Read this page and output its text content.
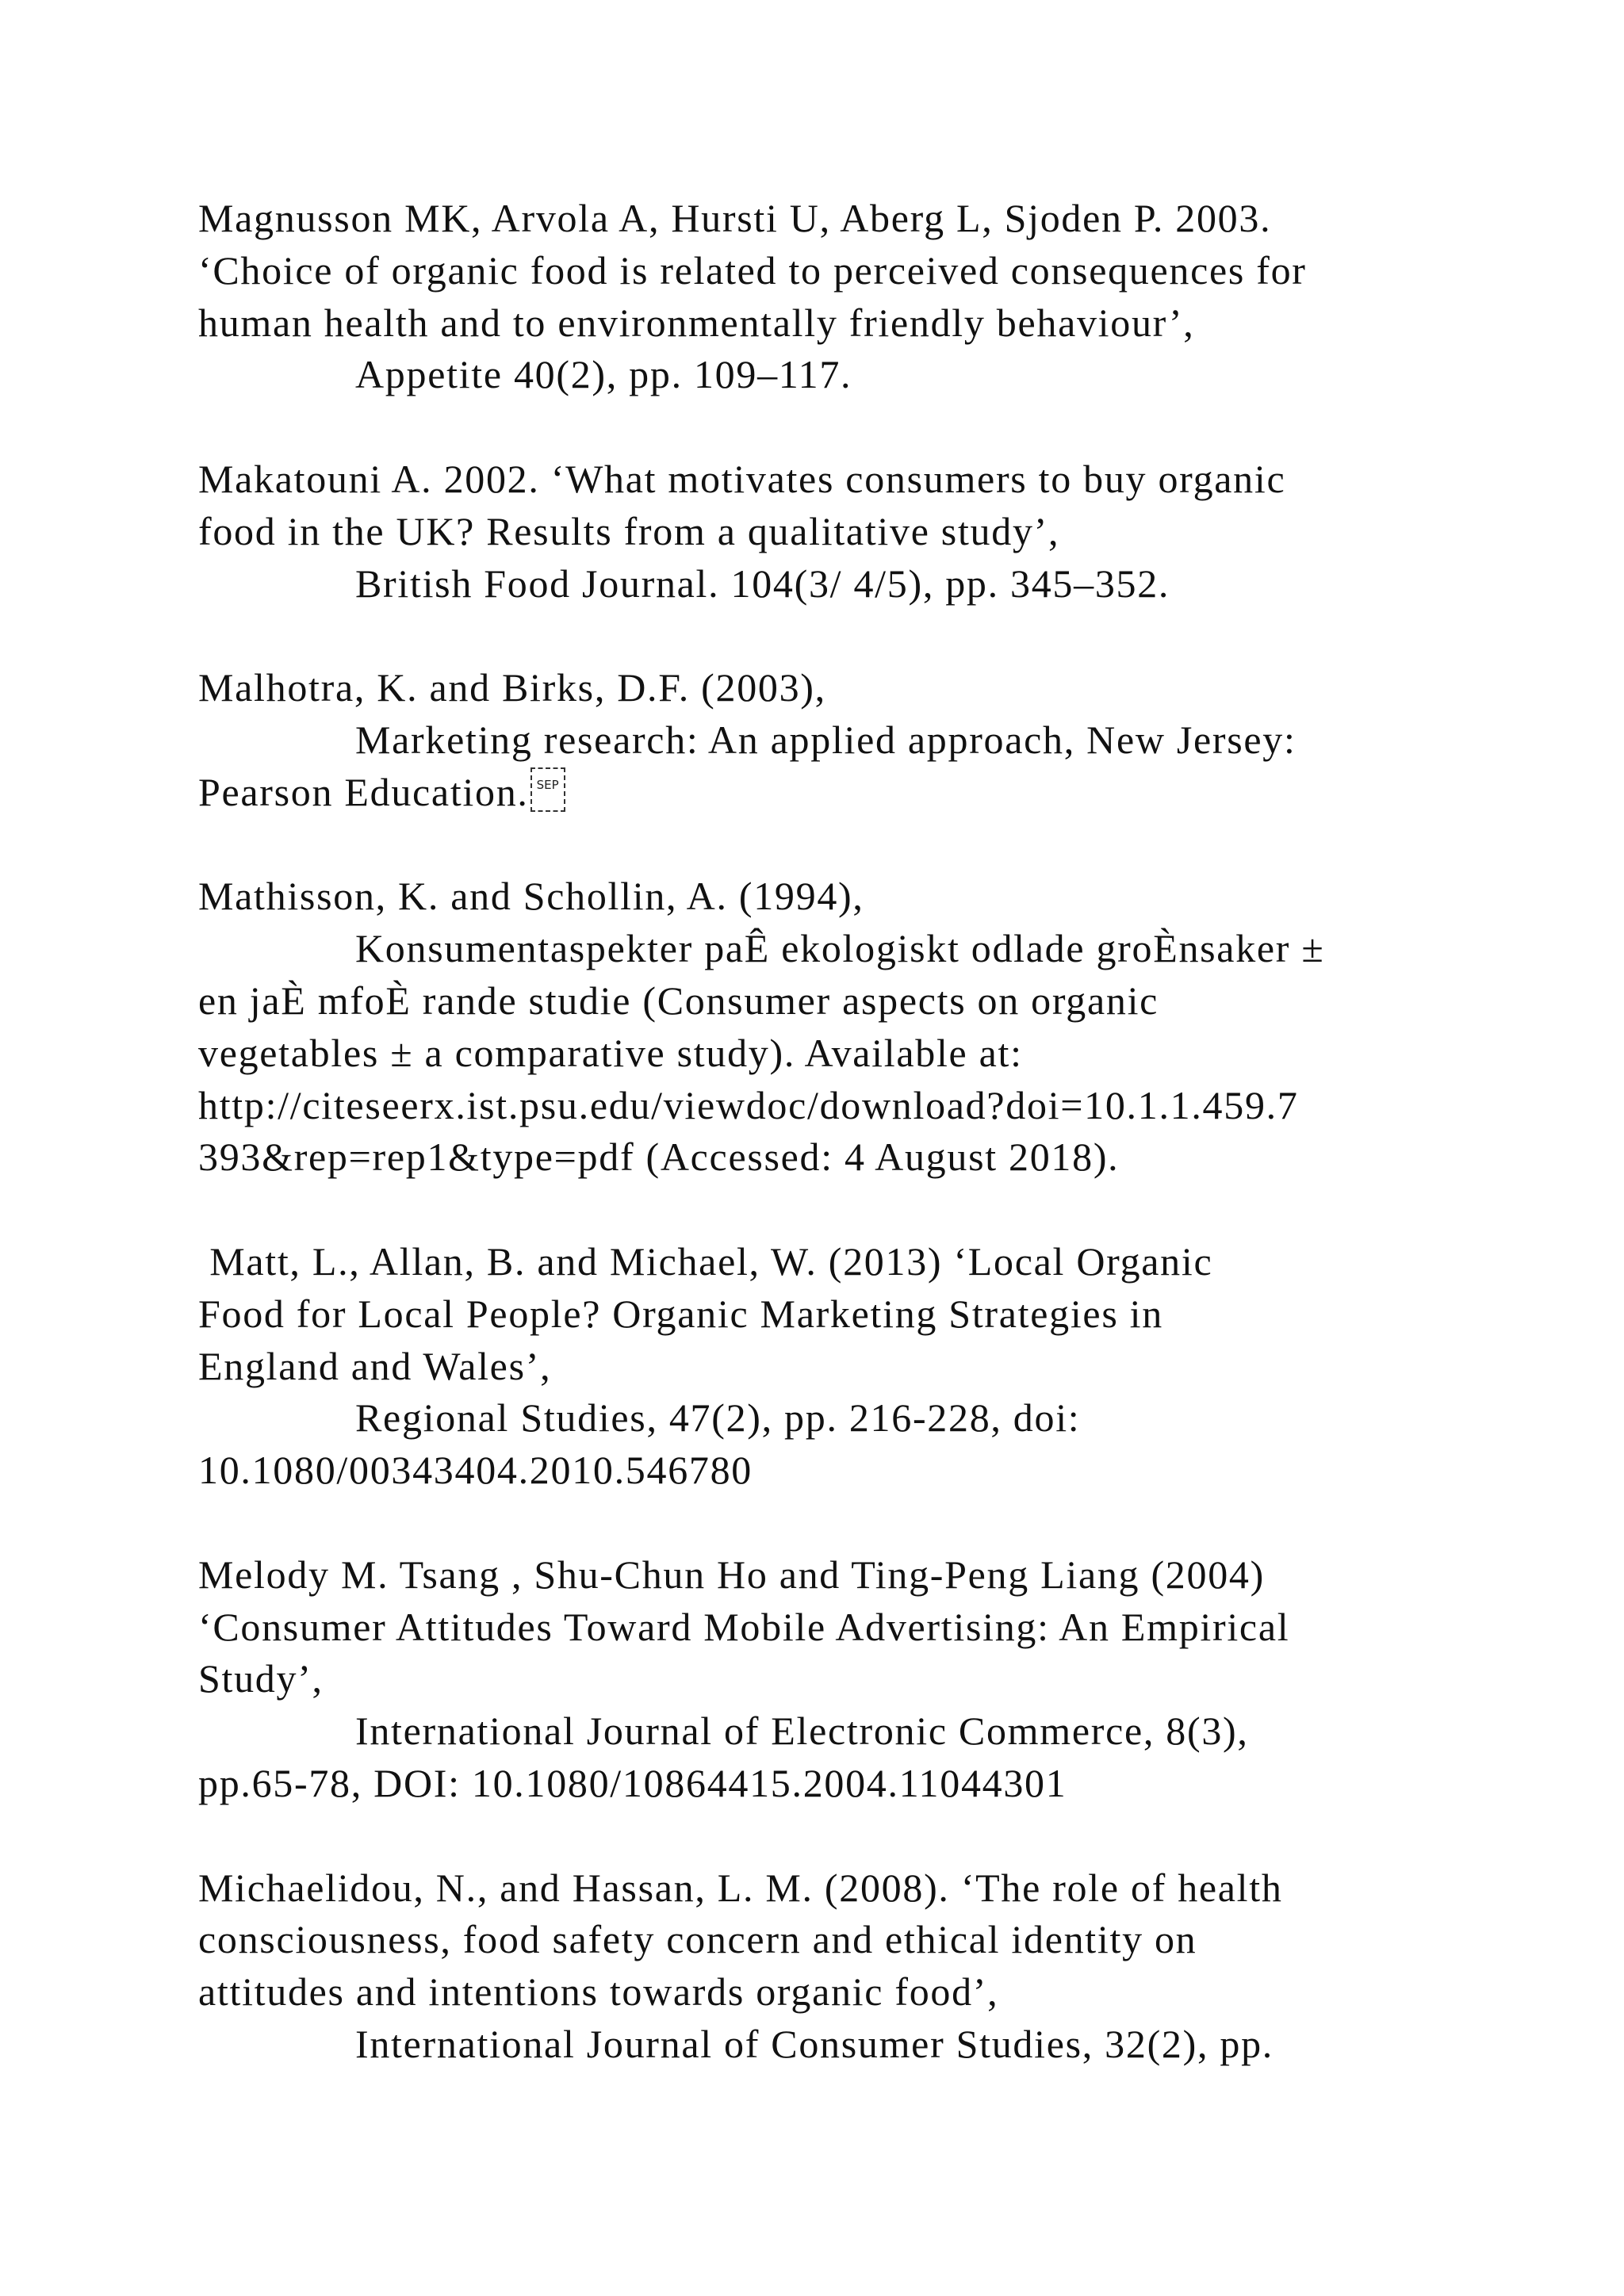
Magnusson MK, Arvola A, Hursti U, Aberg L, Sjoden P. 2003.
‘Choice of organic food is related to perceived consequences for
human health and to environmentally friendly behaviour’,
Appetite 40(2), pp. 109–117.
Makatouni A. 2002. ‘What motivates consumers to buy organic
food in the UK? Results from a qualitative study’,
British Food Journal. 104(3/ 4/5), pp. 345–352.
Malhotra, K. and Birks, D.F. (2003),
Marketing research: An applied approach, New Jersey:
Pearson Education. SEP
Mathisson, K. and Schollin, A. (1994),
Konsumentaspekter paÊ ekologiskt odlade groÈnsaker ±
en jaÈ mfoÈ rande studie (Consumer aspects on organic
vegetables ± a comparative study). Available at:
http://citeseerx.ist.psu.edu/viewdoc/download?doi=10.1.1.459.7
393&rep=rep1&type=pdf (Accessed: 4 August 2018).
Matt, L., Allan, B. and Michael, W. (2013) ‘Local Organic
Food for Local People? Organic Marketing Strategies in
England and Wales’,
Regional Studies, 47(2), pp. 216-228, doi:
10.1080/00343404.2010.546780
Melody M. Tsang , Shu-Chun Ho and Ting-Peng Liang (2004)
‘Consumer Attitudes Toward Mobile Advertising: An Empirical
Study’,
International Journal of Electronic Commerce, 8(3),
pp.65-78, DOI: 10.1080/10864415.2004.11044301
Michaelidou, N., and Hassan, L. M. (2008). ‘The role of health
consciousness, food safety concern and ethical identity on
attitudes and intentions towards organic food’,
International Journal of Consumer Studies, 32(2), pp.
